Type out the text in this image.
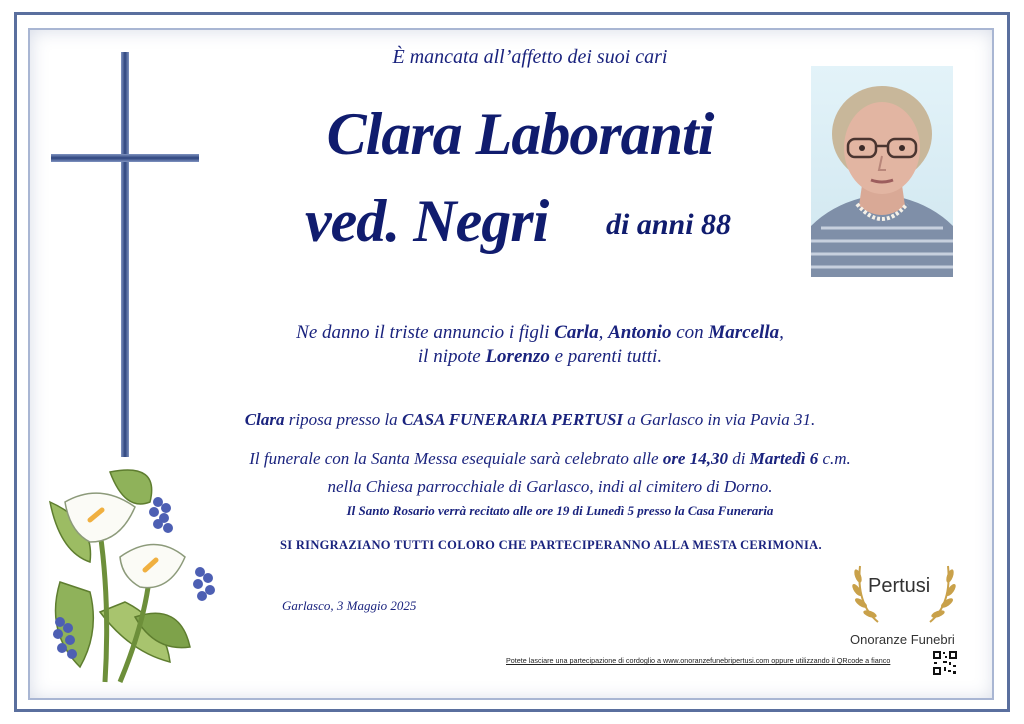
È mancata all’affetto dei suoi cari
Clara Laboranti
ved. Negri di anni 88
Ne danno il triste annuncio i figli Carla, Antonio con Marcella,
il nipote Lorenzo e parenti tutti.
Clara riposa presso la CASA FUNERARIA PERTUSI a Garlasco in via Pavia 31.
Il funerale con la Santa Messa esequiale sarà celebrato alle ore 14,30 di Martedì 6 c.m.
nella Chiesa parrocchiale di Garlasco, indi al cimitero di Dorno.
Il Santo Rosario verrà recitato alle ore 19 di Lunedì 5 presso la Casa Funeraria
SI RINGRAZIANO TUTTI COLORO CHE PARTECIPERANNO ALLA MESTA CERIMONIA.
Garlasco, 3 Maggio 2025
Pertusi
Onoranze Funebri
Potete lasciare una partecipazione di cordoglio a www.onoranzefunebripertusi.com oppure utilizzando il QRcode a fianco
